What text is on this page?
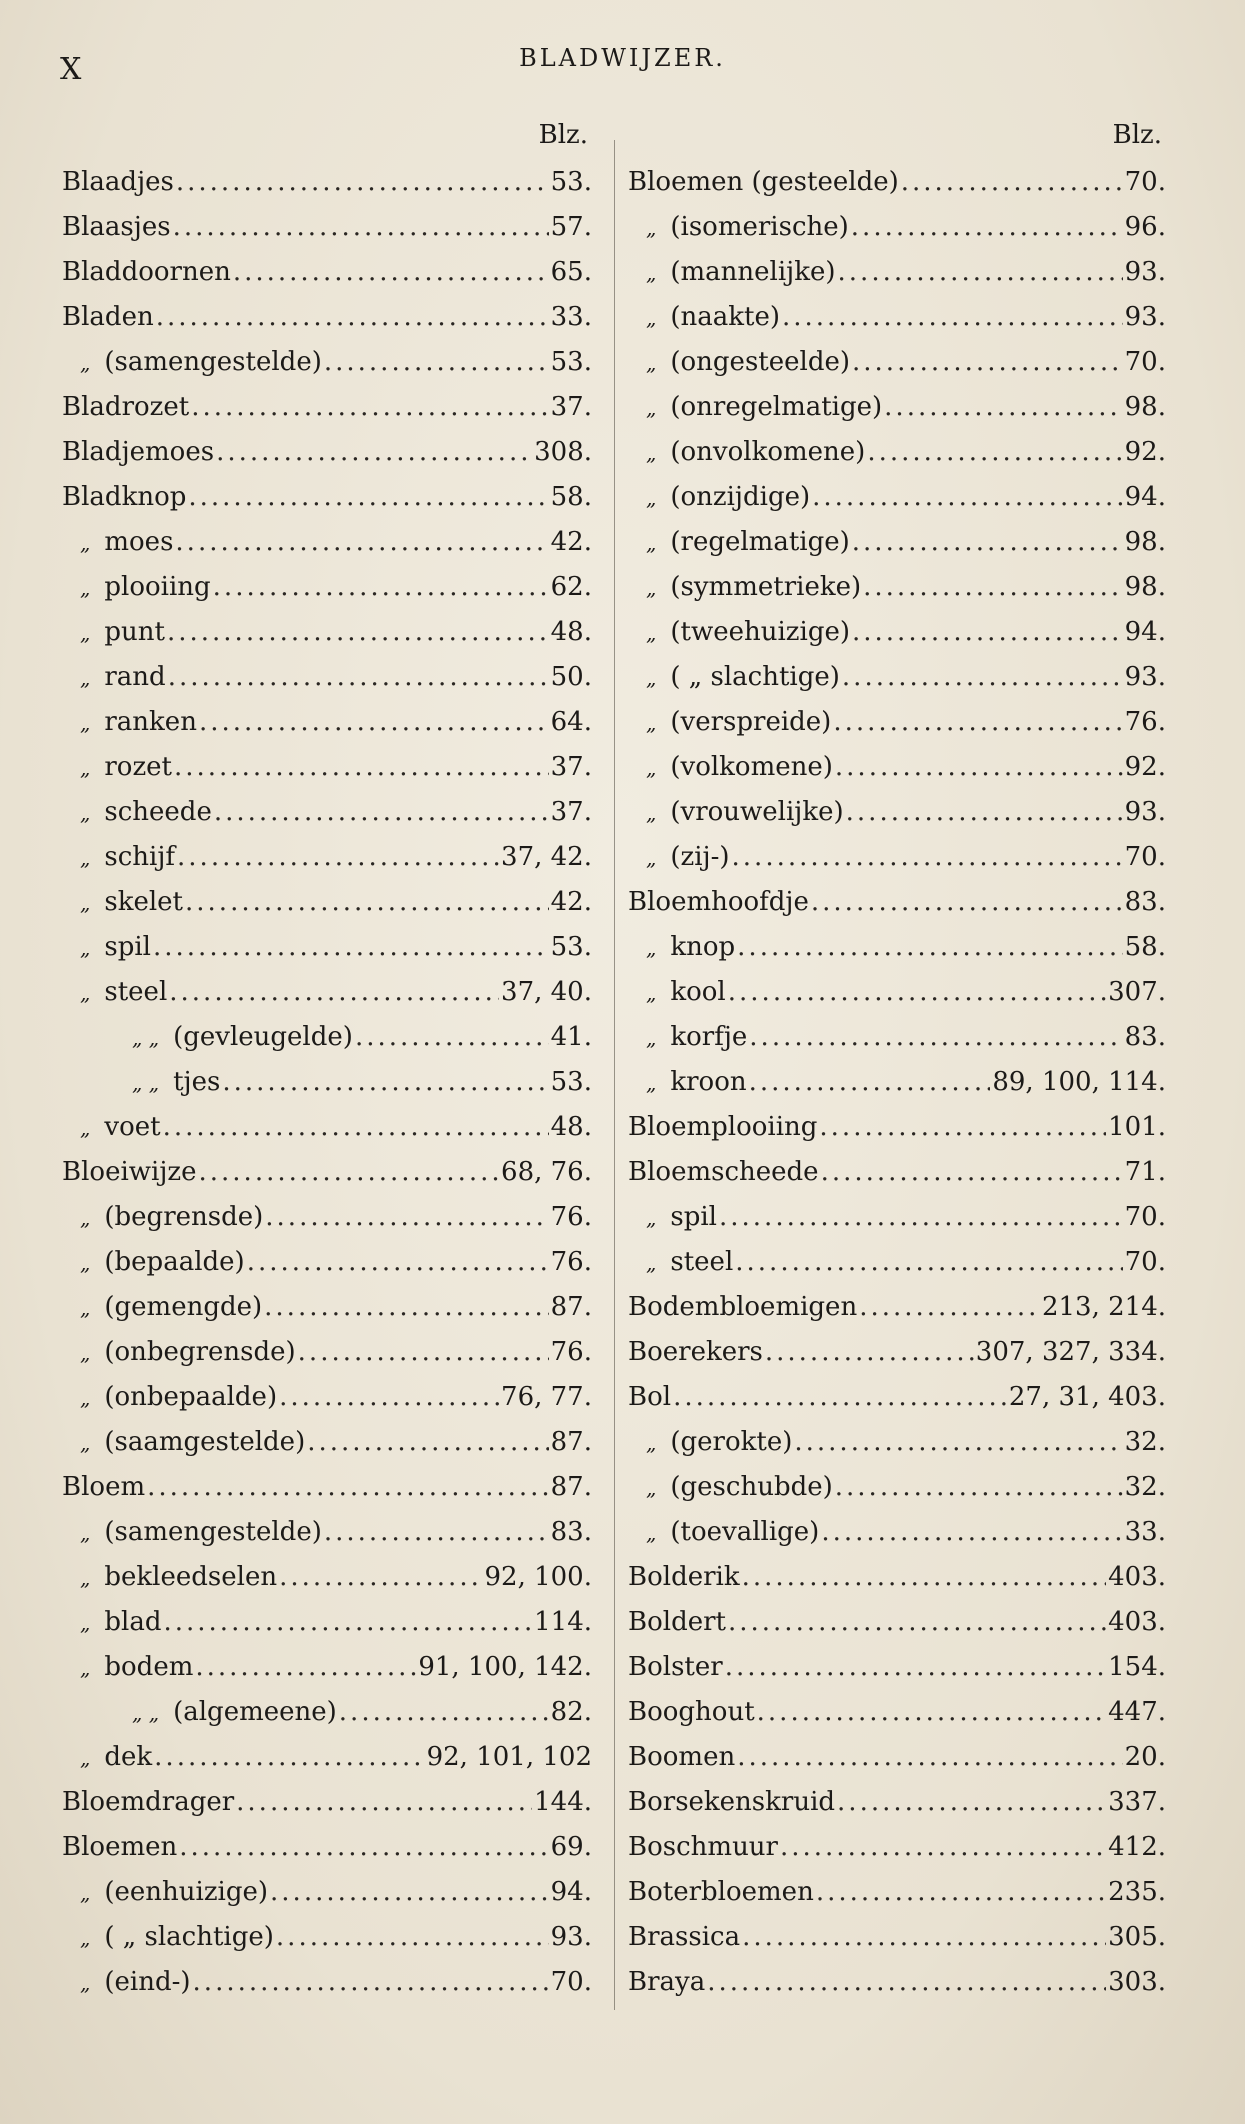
X	BLADWIJZER.
Blz.
Blaadjes .....	53.
Blaasjes .....	57.
Bladdoornen .....	65.
Bladen .....	33.
„ (samengestelde) .....	53.
Bladrozet .....	37.
Bladjemoes .....	308.
Bladknop .....	58.
„ moes .....	42.
„ plooiing .....	62.
„ punt .....	48.
„ rand .....	50.
„ ranken .....	64.
„ rozet .....	37.
„ scheede .....	37.
„ schijf .....	37, 42.
„ skelet .....	42.
„ spil .....	53.
„ steel .....	37, 40.
„ „ (gevleugelde) .....	41.
„ „ tjes .....	53.
„ voet .....	48.
Bloeiwijze .....	68, 76.
„ (begrensde) .....	76.
„ (bepaalde) .....	76.
„ (gemengde) .....	87.
„ (onbegrensde) .....	76.
„ (onbepaalde) .....	76, 77.
„ (saamgestelde) .....	87.
Bloem .....	87.
„ (samengestelde) .....	83.
„ bekleedselen .....	92, 100.
„ blad .....	114.
„ bodem .....	91, 100, 142.
„ „ (algemeene) .....	82.
„ dek .....	92, 101, 102
Bloemdrager .....	144.
Bloemen .....	69.
„ (eenhuizige) .....	94.
„ ( „ slachtige) .....	93.
„ (eind-) .....	70.
Blz.
Bloemen (gesteelde) .....	70.
„ (isomerische) .....	96.
„ (mannelijke) .....	93.
„ (naakte) .....	93.
„ (ongesteelde) .....	70.
„ (onregelmatige) .....	98.
„ (onvolkomene) .....	92.
„ (onzijdige) .....	94.
„ (regelmatige) .....	98.
„ (symmetrieke) .....	98.
„ (tweehuizige) .....	94.
„ ( „ slachtige) .....	93.
„ (verspreide) .....	76.
„ (volkomene) .....	92.
„ (vrouwelijke) .....	93.
„ (zij-) .....	70.
Bloemhoofdje .....	83.
„ knop .....	58.
„ kool .....	307.
„ korfje .....	83.
„ kroon .....	89, 100, 114.
Bloemplooiing .....	101.
Bloemscheede .....	71.
„ spil .....	70.
„ steel .....	70.
Bodembloemigen .....	213, 214.
Boerekers .....	307, 327, 334.
Bol .....	27, 31, 403.
„ (gerokte) .....	32.
„ (geschubde) .....	32.
„ (toevallige) .....	33.
Bolderik .....	403.
Boldert .....	403.
Bolster .....	154.
Booghout .....	447.
Boomen .....	20.
Borsekenskruid .....	337.
Boschmuur .....	412.
Boterbloemen .....	235.
Brassica .....	305.
Braya .....	303.
